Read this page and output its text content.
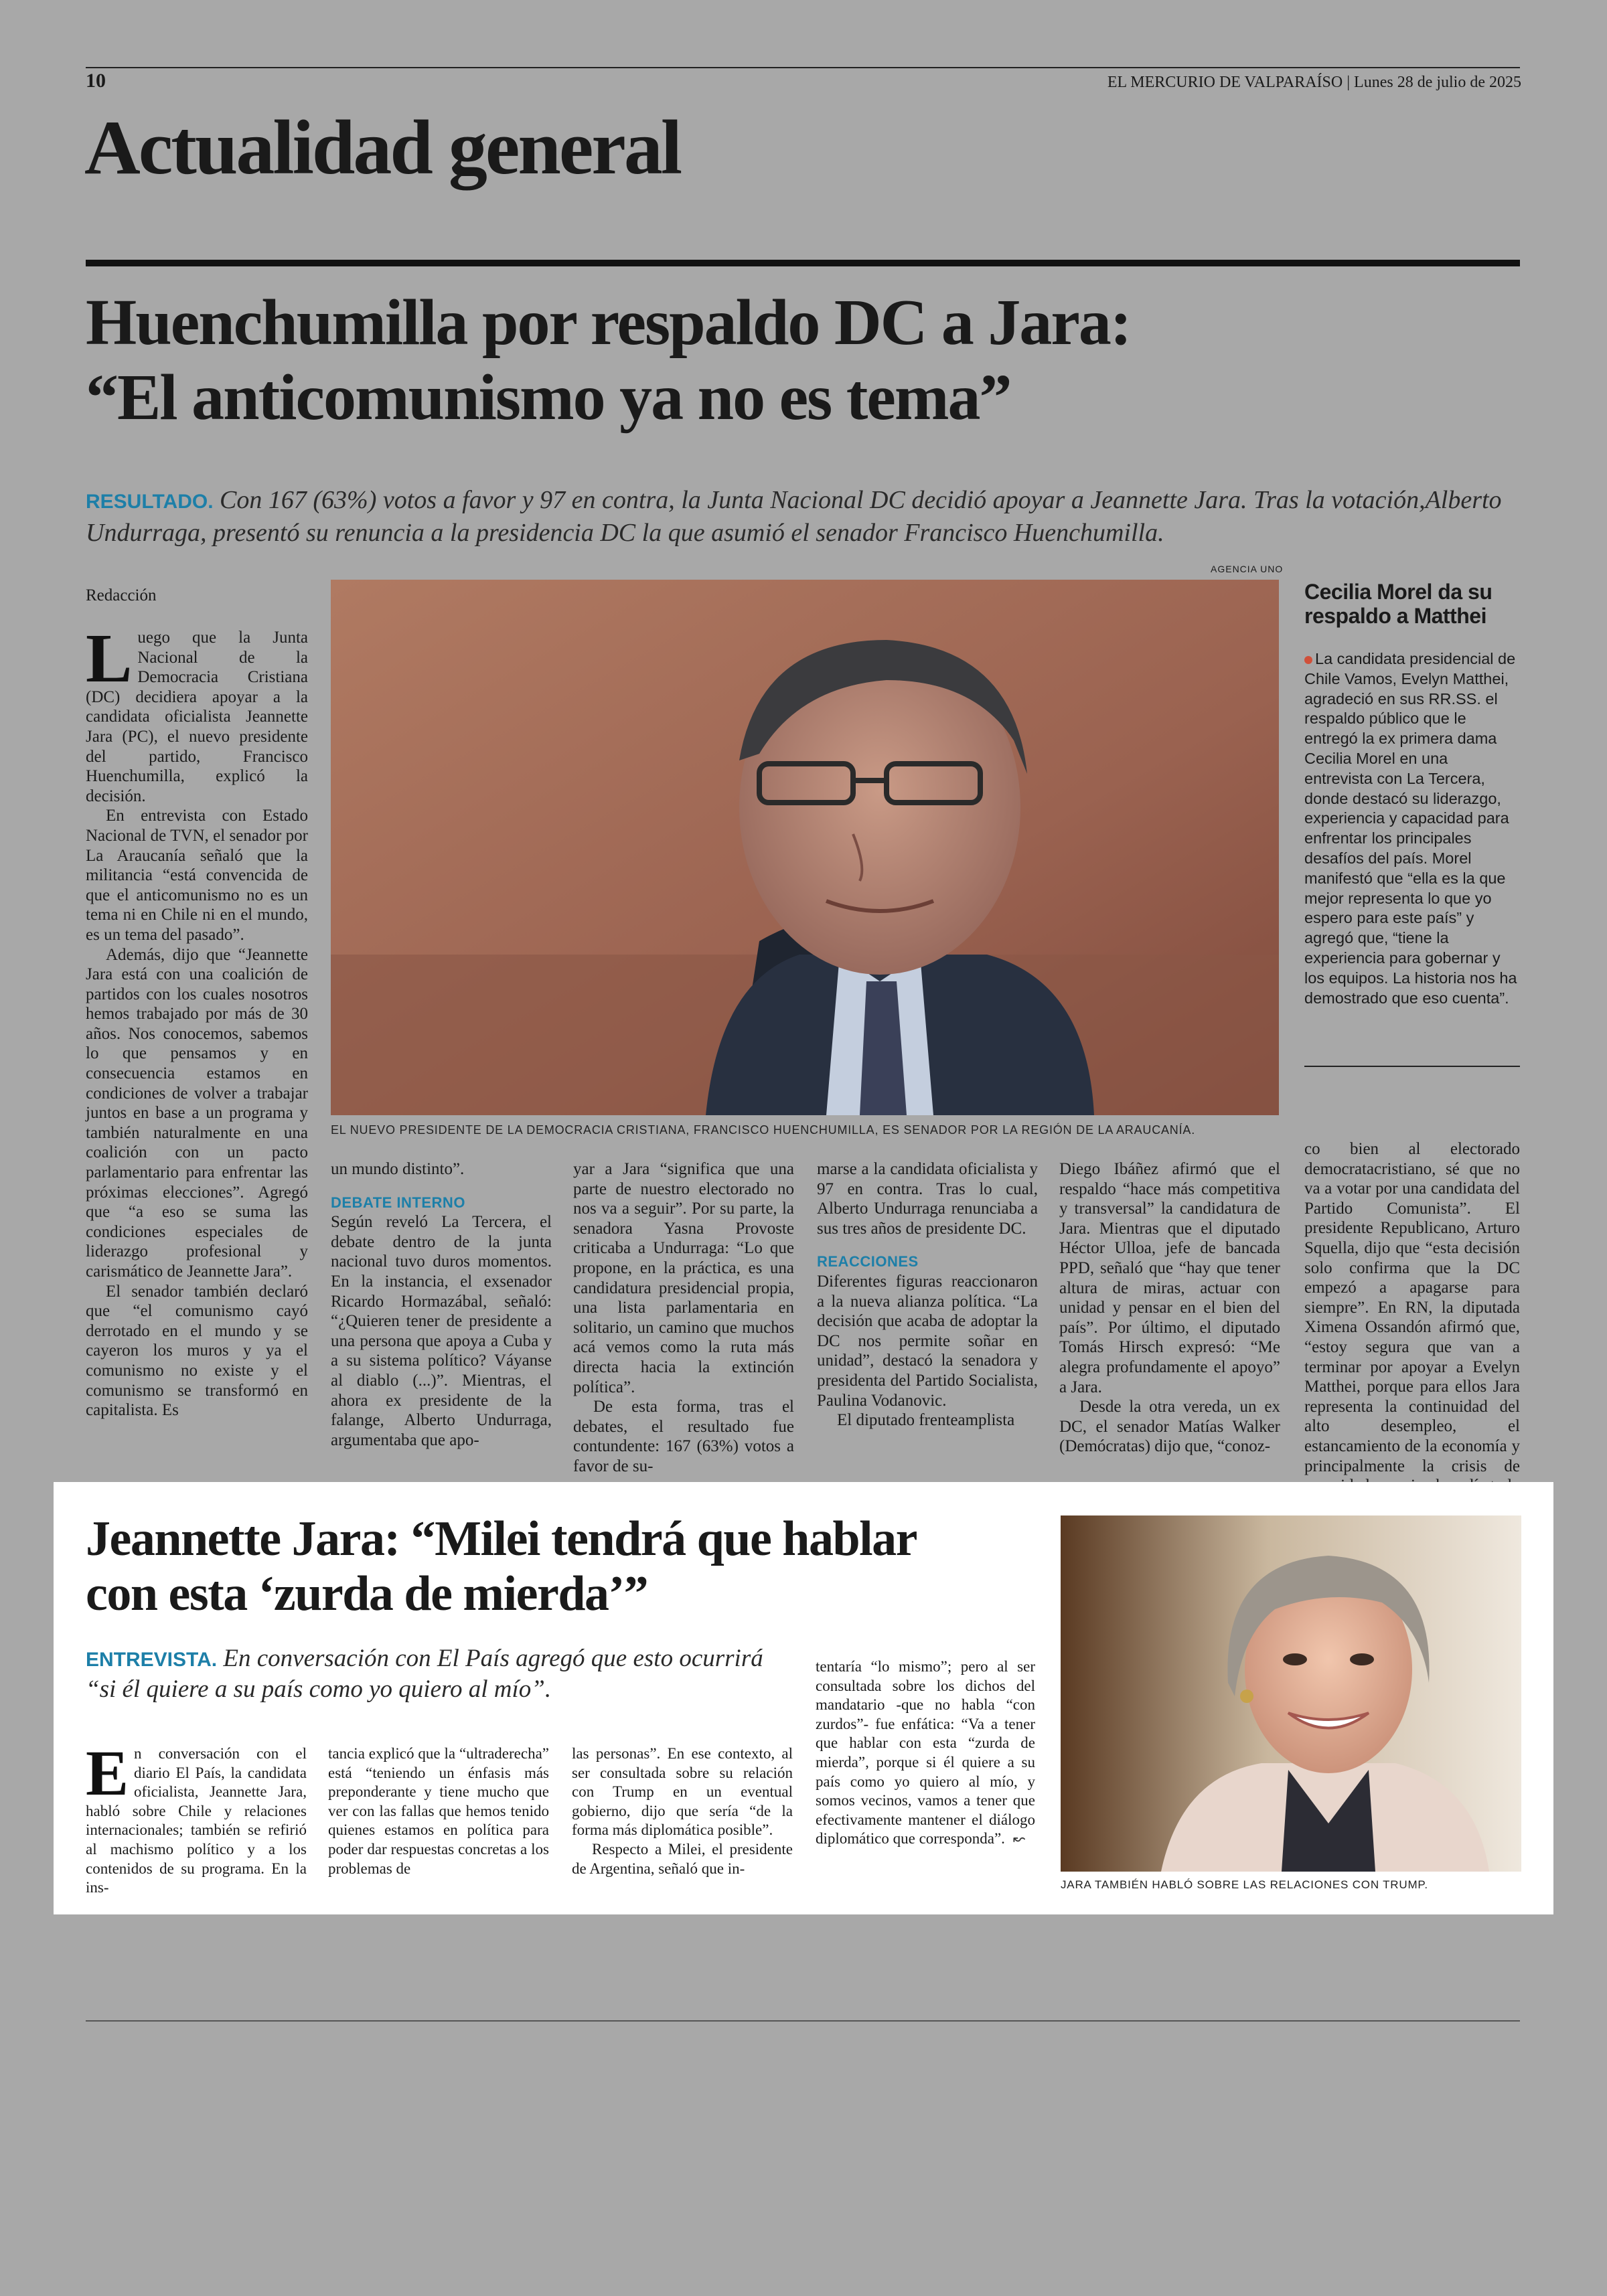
10	EL MERCURIO DE VALPARAÍSO | Lunes 28 de julio de 2025
Actualidad general
Huenchumilla por respaldo DC a Jara:
“El anticomunismo ya no es tema”
RESULTADO. Con 167 (63%) votos a favor y 97 en contra, la Junta Nacional DC decidió apoyar a Jeannette Jara. Tras la votación,Alberto Undurraga, presentó su renuncia a la presidencia DC la que asumió el senador Francisco Huenchumilla.
AGENCIA UNO
EL NUEVO PRESIDENTE DE LA DEMOCRACIA CRISTIANA, FRANCISCO HUENCHUMILLA, ES SENADOR POR LA REGIÓN DE LA ARAUCANÍA.
Redacción

Luego que la Junta Nacional de la Democracia Cristiana (DC) decidiera apoyar a la candidata oficialista Jeannette Jara (PC), el nuevo presidente del partido, Francisco Huenchumilla, explicó la decisión.

En entrevista con Estado Nacional de TVN, el senador por La Araucanía señaló que la militancia “está convencida de que el anticomunismo no es un tema ni en Chile ni en el mundo, es un tema del pasado”.

Además, dijo que “Jeannette Jara está con una coalición de partidos con los cuales nosotros hemos trabajado por más de 30 años. Nos conocemos, sabemos lo que pensamos y en consecuencia estamos en condiciones de volver a trabajar juntos en base a un programa y también naturalmente en una coalición con un pacto parlamentario para enfrentar las próximas elecciones”. Agregó que “a eso se suma las condiciones especiales de liderazgo profesional y carismático de Jeannette Jara”.

El senador también declaró que “el comunismo cayó derrotado en el mundo y se cayeron los muros y ya el comunismo no existe y el comunismo se transformó en capitalista. Es

un mundo distinto”.

DEBATE INTERNO

Según reveló La Tercera, el debate dentro de la junta nacional tuvo duros momentos. En la instancia, el exsenador Ricardo Hormazábal, señaló: “¿Quieren tener de presidente a una persona que apoya a Cuba y a su sistema político? Váyanse al diablo (...)”. Mientras, el ahora ex presidente de la falange, Alberto Undurraga, argumentaba que apo-

yar a Jara “significa que una parte de nuestro electorado no nos va a seguir”. Por su parte, la senadora Yasna Provoste criticaba a Undurraga: “Lo que propone, en la práctica, es una candidatura presidencial propia, una lista parlamentaria en solitario, un camino que muchos acá vemos como la ruta más directa hacia la extinción política”.

De esta forma, tras el debates, el resultado fue contundente: 167 (63%) votos a favor de su-

marse a la candidata oficialista y 97 en contra. Tras lo cual, Alberto Undurraga renunciaba a sus tres años de presidente DC.

REACCIONES

Diferentes figuras reaccionaron a la nueva alianza política. “La decisión que acaba de adoptar la DC nos permite soñar en unidad”, destacó la senadora y presidenta del Partido Socialista, Paulina Vodanovic.

El diputado frenteamplista

Diego Ibáñez afirmó que el respaldo “hace más competitiva y transversal” la candidatura de Jara. Mientras que el diputado Héctor Ulloa, jefe de bancada PPD, señaló que “hay que tener altura de miras, actuar con unidad y pensar en el bien del país”. Por último, el diputado Tomás Hirsch expresó: “Me alegra profundamente el apoyo” a Jara.

Desde la otra vereda, un ex DC, el senador Matías Walker (Demócratas) dijo que, “conoz-

Cecilia Morel da su respaldo a Matthei
La candidata presidencial de Chile Vamos, Evelyn Matthei, agradeció en sus RR.SS. el respaldo público que le entregó la ex primera dama Cecilia Morel en una entrevista con La Tercera, donde destacó su liderazgo, experiencia y capacidad para enfrentar los principales desafíos del país. Morel manifestó que “ella es la que mejor representa lo que yo espero para este país” y agregó que, “tiene la experiencia para gobernar y los equipos. La historia nos ha demostrado que eso cuenta”.

co bien al electorado democratacristiano, sé que no va a votar por una candidata del Partido Comunista”. El presidente Republicano, Arturo Squella, dijo que “esta decisión solo confirma que la DC empezó a apagarse para siempre”. En RN, la diputada Ximena Ossandón afirmó que, “estoy segura que van a terminar por apoyar a Evelyn Matthei, porque para ellos Jara representa la continuidad del alto desempleo, el estancamiento de la economía y principalmente la crisis de

Jeannette Jara: “Milei tendrá que hablar
con esta ‘zurda de mierda’”
ENTREVISTA. En conversación con El País agregó que esto ocurrirá “si él quiere a su país como yo quiero al mío”.

En conversación con el diario El País, la candidata oficialista, Jeannette Jara, habló sobre Chile y relaciones internacionales; también se refirió al machismo político y a los contenidos de su programa. En la ins-

tancia explicó que la “ultraderecha” está “teniendo un énfasis más preponderante y tiene mucho que ver con las fallas que hemos tenido quienes estamos en política para poder dar respuestas concretas a los problemas de

las personas”. En ese contexto, al ser consultada sobre su relación con Trump en un eventual gobierno, dijo que sería “de la forma más diplomática posible”.

Respecto a Milei, el presidente de Argentina, señaló que in-

tentaría “lo mismo”; pero al ser consultada sobre los dichos del mandatario -que no habla “con zurdos”- fue enfática: “Va a tener que hablar con esta “zurda de mierda”, porque si él quiere a su país como yo quiero al mío, y somos vecinos, vamos a tener que efectivamente mantener el diálogo diplomático que corresponda”. ↜

JARA TAMBIÉN HABLÓ SOBRE LAS RELACIONES CON TRUMP.
